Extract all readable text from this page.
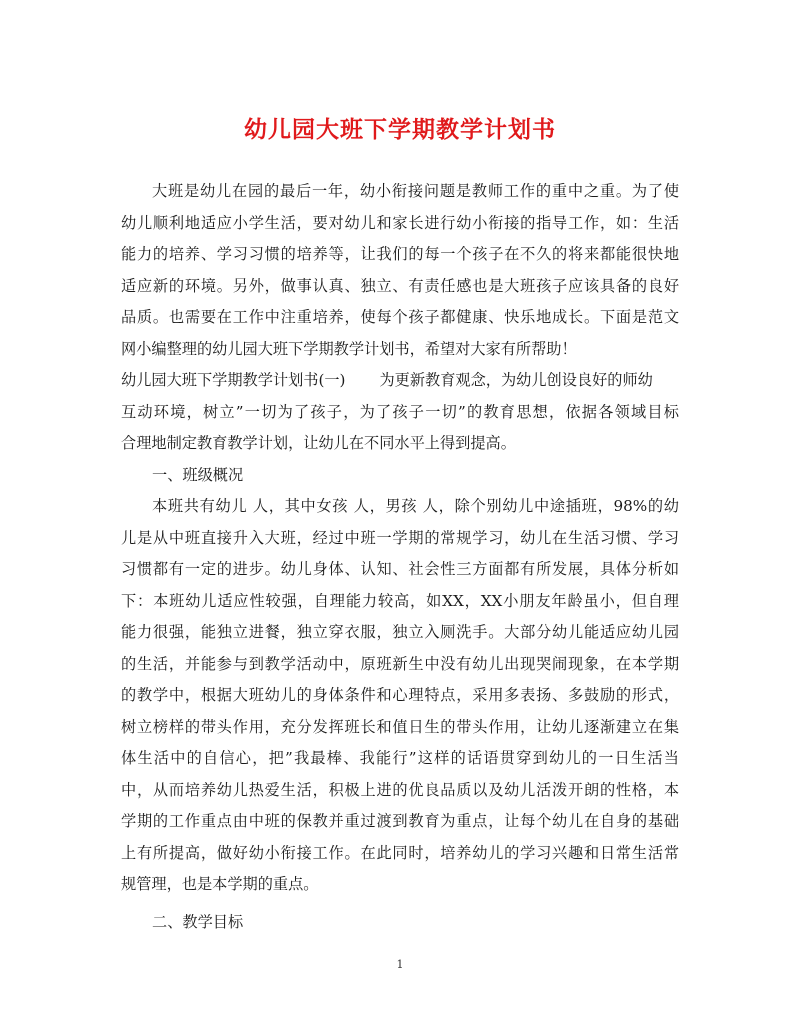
幼儿园大班下学期教学计划书
大班是幼儿在园的最后一年，幼小衔接问题是教师工作的重中之重。为了使
幼儿顺利地适应小学生活，要对幼儿和家长进行幼小衔接的指导工作，如：生活
能力的培养、学习习惯的培养等，让我们的每一个孩子在不久的将来都能很快地
适应新的环境。另外，做事认真、独立、有责任感也是大班孩子应该具备的良好
品质。也需要在工作中注重培养，使每个孩子都健康、快乐地成长。下面是范文
网小编整理的幼儿园大班下学期教学计划书，希望对大家有所帮助！
幼儿园大班下学期教学计划书(一) 为更新教育观念，为幼儿创设良好的师幼
互动环境，树立”一切为了孩子，为了孩子一切”的教育思想，依据各领域目标
合理地制定教育教学计划，让幼儿在不同水平上得到提高。
一、班级概况
本班共有幼儿 人，其中女孩 人，男孩 人，除个别幼儿中途插班，98%的幼
儿是从中班直接升入大班，经过中班一学期的常规学习，幼儿在生活习惯、学习
习惯都有一定的进步。幼儿身体、认知、社会性三方面都有所发展，具体分析如
下：本班幼儿适应性较强，自理能力较高，如XX，XX小朋友年龄虽小，但自理
能力很强，能独立进餐，独立穿衣服，独立入厕洗手。大部分幼儿能适应幼儿园
的生活，并能参与到教学活动中，原班新生中没有幼儿出现哭闹现象，在本学期
的教学中，根据大班幼儿的身体条件和心理特点，采用多表扬、多鼓励的形式，
树立榜样的带头作用，充分发挥班长和值日生的带头作用，让幼儿逐渐建立在集
体生活中的自信心，把”我最棒、我能行”这样的话语贯穿到幼儿的一日生活当
中，从而培养幼儿热爱生活，积极上进的优良品质以及幼儿活泼开朗的性格，本
学期的工作重点由中班的保教并重过渡到教育为重点，让每个幼儿在自身的基础
上有所提高，做好幼小衔接工作。在此同时，培养幼儿的学习兴趣和日常生活常
规管理，也是本学期的重点。
二、教学目标
1
